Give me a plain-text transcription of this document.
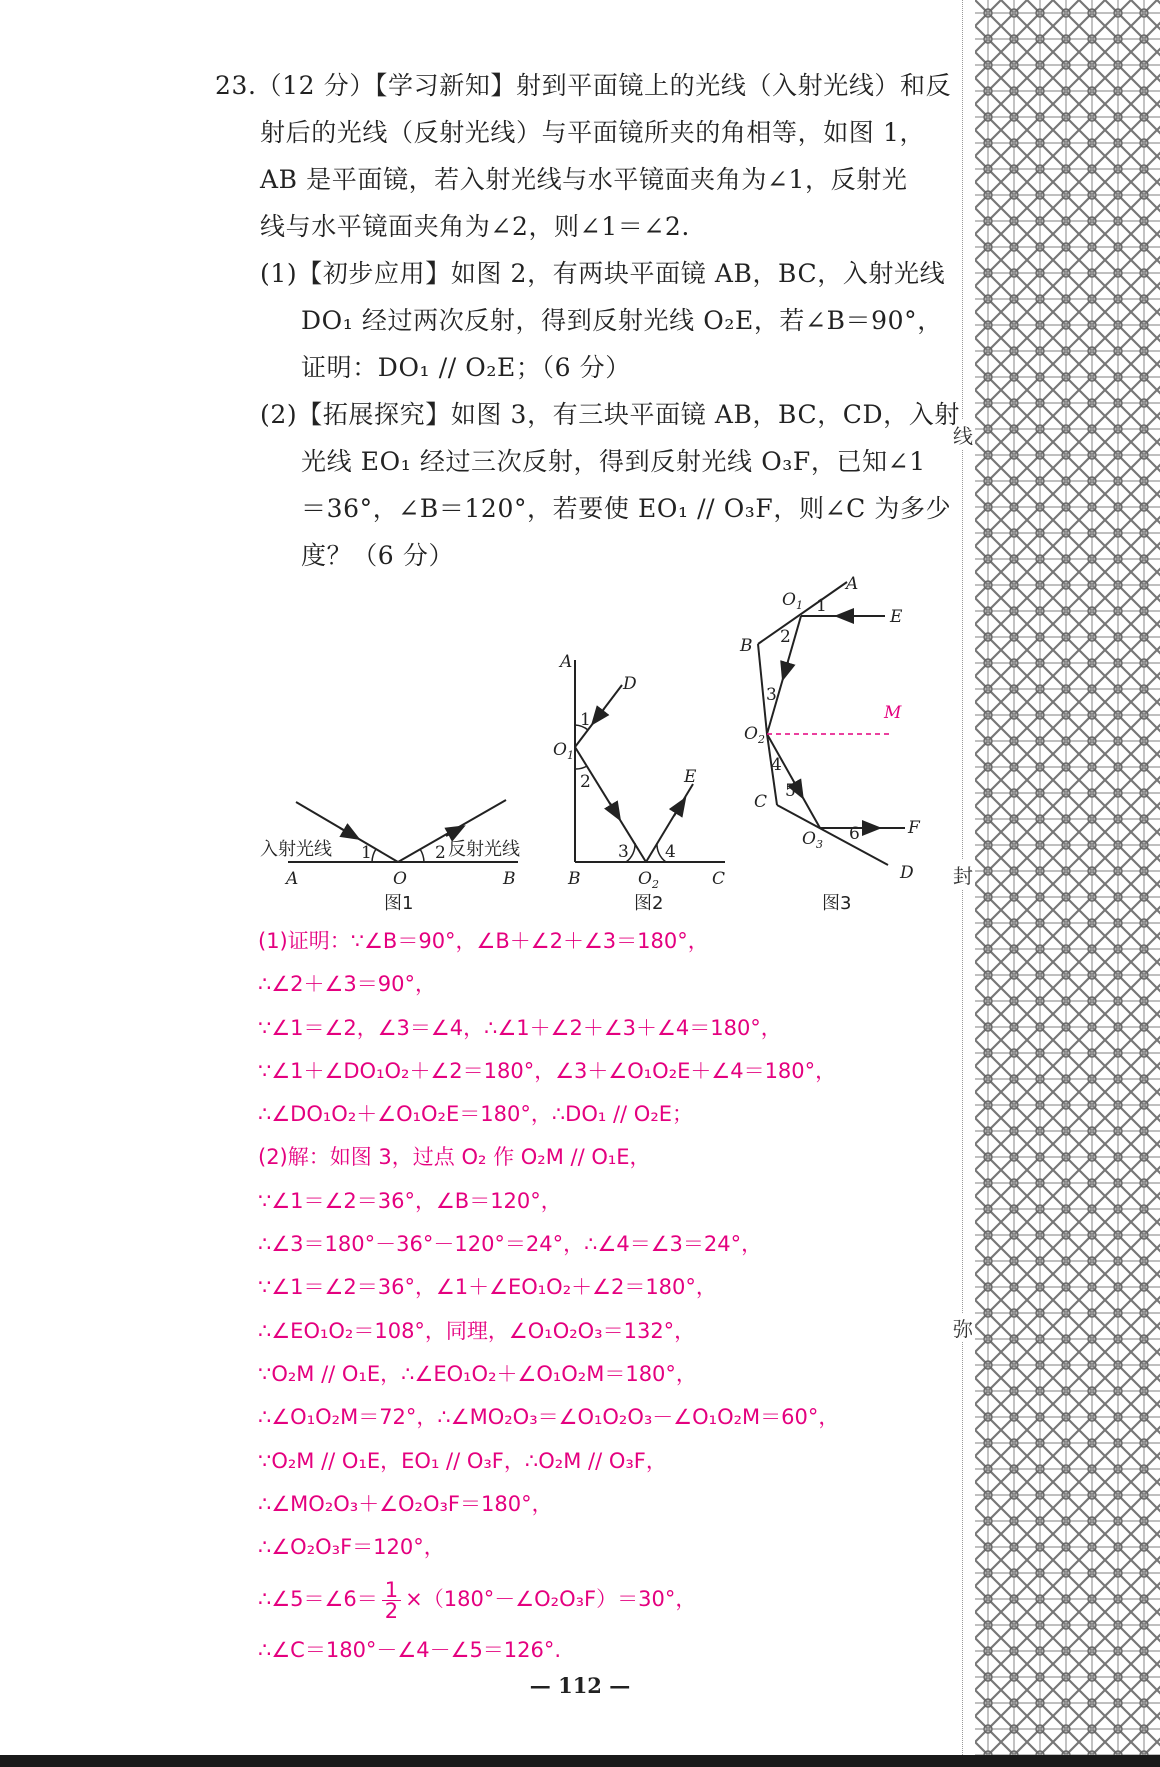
线
封
弥
23.（12 分）【学习新知】射到平面镜上的光线（入射光线）和反
射后的光线（反射光线）与平面镜所夹的角相等，如图 1，
AB 是平面镜，若入射光线与水平镜面夹角为∠1，反射光
线与水平镜面夹角为∠2，则∠1＝∠2.
(1)【初步应用】如图 2，有两块平面镜 AB，BC，入射光线
DO₁ 经过两次反射，得到反射光线 O₂E，若∠B＝90°，
证明：DO₁ // O₂E；（6 分）
(2)【拓展探究】如图 3，有三块平面镜 AB，BC，CD，入射
光线 EO₁ 经过三次反射，得到反射光线 O₃F，已知∠1
＝36°，∠B＝120°，若要使 EO₁ // O₃F，则∠C 为多少
度？（6 分）
入射光线	反射光线
1	2
A	O	B
图1
A
D
1
$O_1$
2	E
3 4
B	$O_2$	C
图2
A
$O_1$ 1
E
2
B
3
M
$O_2$
4
5
C
$O_3$
6	F
D
图3
(1)证明：∵∠B＝90°，∠B＋∠2＋∠3＝180°，
∴∠2＋∠3＝90°，
∵∠1＝∠2，∠3＝∠4，∴∠1＋∠2＋∠3＋∠4＝180°，
∵∠1＋∠DO₁O₂＋∠2＝180°，∠3＋∠O₁O₂E＋∠4＝180°，
∴∠DO₁O₂＋∠O₁O₂E＝180°，∴DO₁ // O₂E；
(2)解：如图 3，过点 O₂ 作 O₂M // O₁E，
∵∠1＝∠2＝36°，∠B＝120°，
∴∠3＝180°－36°－120°＝24°，∴∠4＝∠3＝24°，
∵∠1＝∠2＝36°，∠1＋∠EO₁O₂＋∠2＝180°，
∴∠EO₁O₂＝108°，同理，∠O₁O₂O₃＝132°，
∵O₂M // O₁E，∴∠EO₁O₂＋∠O₁O₂M＝180°，
∴∠O₁O₂M＝72°，∴∠MO₂O₃＝∠O₁O₂O₃－∠O₁O₂M＝60°，
∵O₂M // O₁E，EO₁ // O₃F，∴O₂M // O₃F，
∴∠MO₂O₃＋∠O₂O₃F＝180°，
∴∠O₂O₃F＝120°，
∴∠5＝∠6＝ $\frac{1}{2}$ ×（180°－∠O₂O₃F）＝30°，
∴∠C＝180°－∠4－∠5＝126°.
— 112 —
